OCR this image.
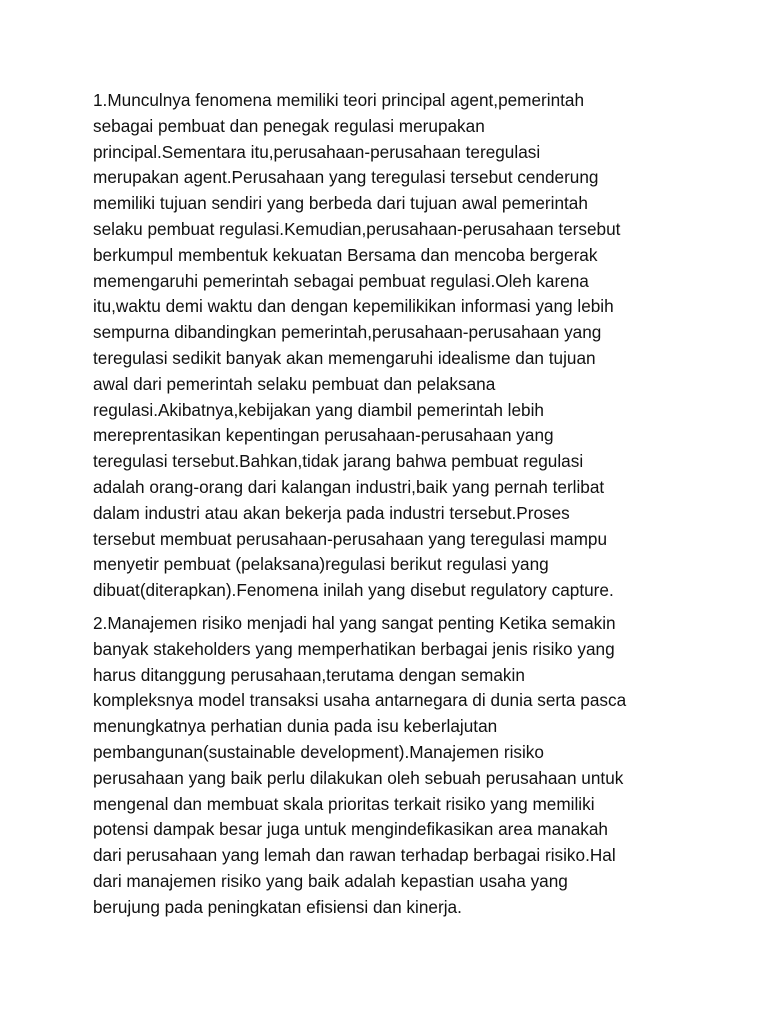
1.Munculnya fenomena memiliki teori principal agent,pemerintah
sebagai pembuat dan penegak regulasi merupakan
principal.Sementara itu,perusahaan-perusahaan teregulasi
merupakan agent.Perusahaan yang teregulasi tersebut cenderung
memiliki tujuan sendiri yang berbeda dari tujuan awal pemerintah
selaku pembuat regulasi.Kemudian,perusahaan-perusahaan tersebut
berkumpul membentuk kekuatan Bersama dan mencoba bergerak
memengaruhi pemerintah sebagai pembuat regulasi.Oleh karena
itu,waktu demi waktu dan dengan kepemilikikan informasi yang lebih
sempurna dibandingkan pemerintah,perusahaan-perusahaan yang
teregulasi sedikit banyak akan memengaruhi idealisme dan tujuan
awal dari pemerintah selaku pembuat dan pelaksana
regulasi.Akibatnya,kebijakan yang diambil pemerintah lebih
mereprentasikan kepentingan perusahaan-perusahaan yang
teregulasi tersebut.Bahkan,tidak jarang bahwa pembuat regulasi
adalah orang-orang dari kalangan industri,baik yang pernah terlibat
dalam industri atau akan bekerja pada industri tersebut.Proses
tersebut membuat perusahaan-perusahaan yang teregulasi mampu
menyetir pembuat (pelaksana)regulasi berikut regulasi yang
dibuat(diterapkan).Fenomena inilah yang disebut regulatory capture.
2.Manajemen risiko menjadi hal yang sangat penting Ketika semakin
banyak stakeholders yang memperhatikan berbagai jenis risiko yang
harus ditanggung perusahaan,terutama dengan semakin
kompleksnya model transaksi usaha antarnegara di dunia serta pasca
menungkatnya perhatian dunia pada isu keberlajutan
pembangunan(sustainable development).Manajemen risiko
perusahaan yang baik perlu dilakukan oleh sebuah perusahaan untuk
mengenal dan membuat skala prioritas terkait risiko yang memiliki
potensi dampak besar juga untuk mengindefikasikan area manakah
dari perusahaan yang lemah dan rawan terhadap berbagai risiko.Hal
dari manajemen risiko yang baik adalah kepastian usaha yang
berujung pada peningkatan efisiensi dan kinerja.
